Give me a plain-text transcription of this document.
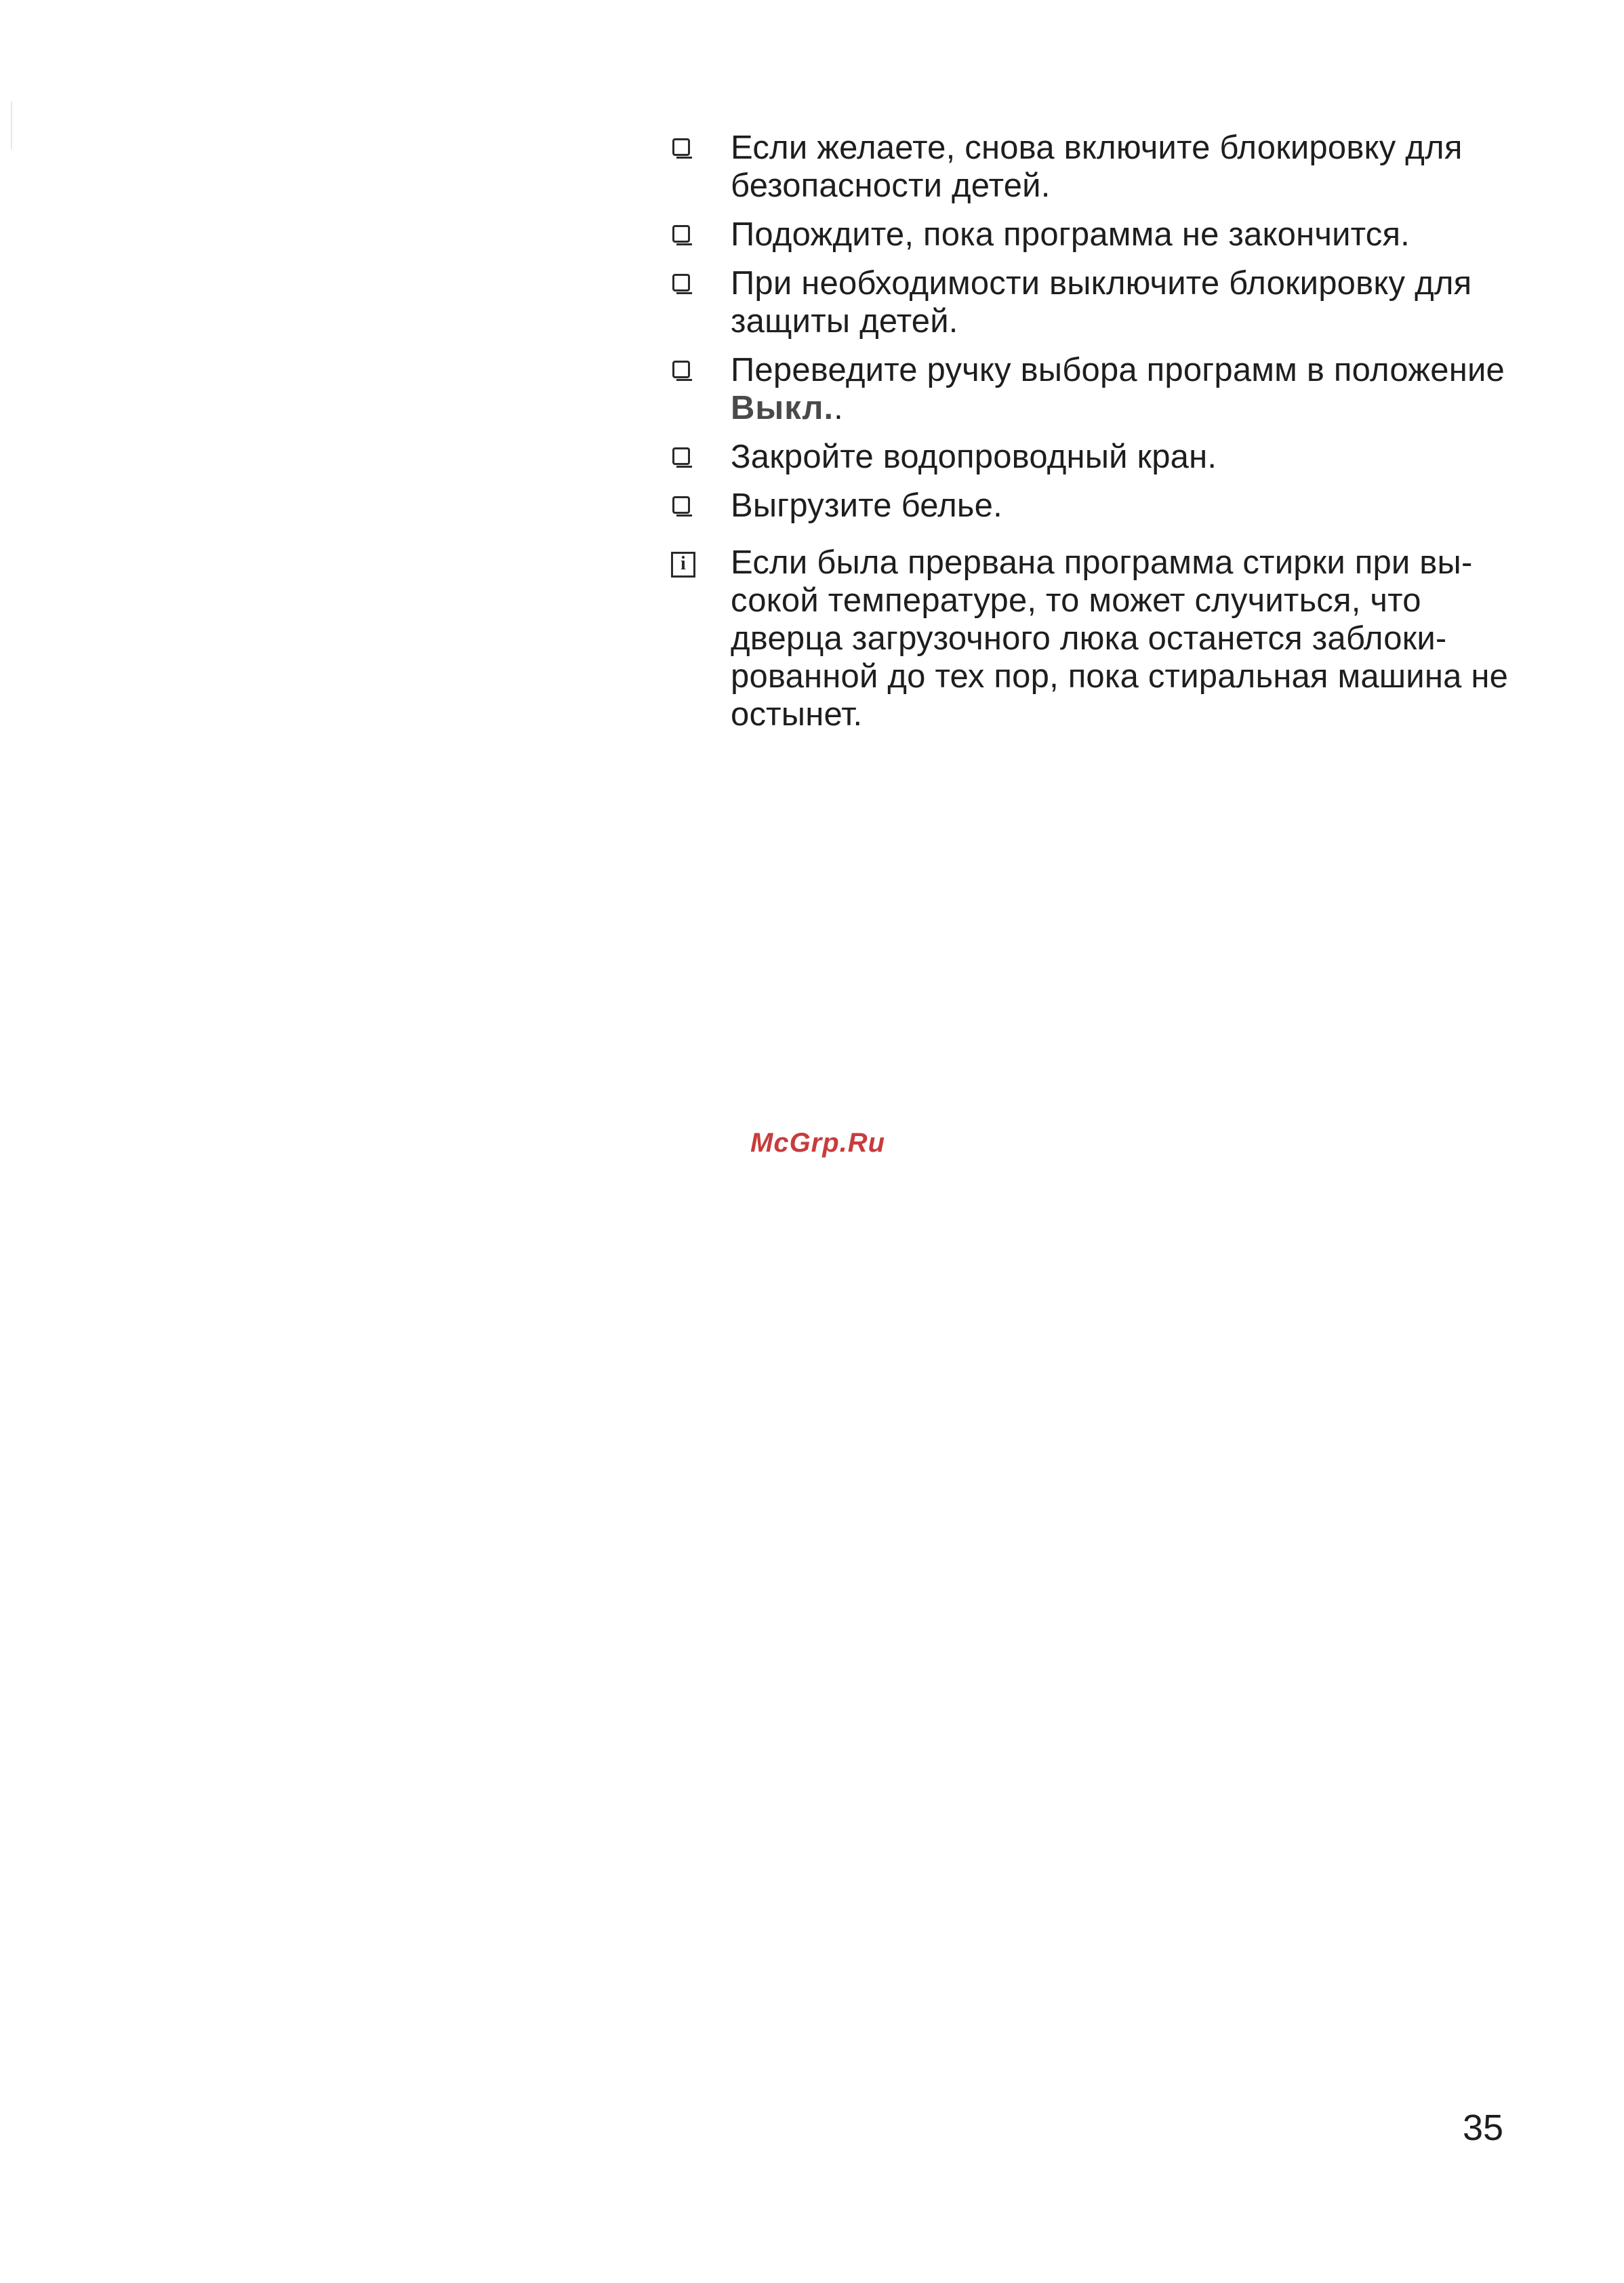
Если желаете, снова включите блокировку для безопасности детей.
Подождите, пока программа не закончится.
При необходимости выключите блокировку для защиты детей.
Переведите ручку выбора программ в положение Выкл..
Закройте водопроводный кран.
Выгрузите белье.
i Если была прервана программа стирки при высокой температуре, то может случиться, что дверца загрузочного люка останется заблокированной до тех пор, пока стиральная машина не остынет.
McGrp.Ru
35
